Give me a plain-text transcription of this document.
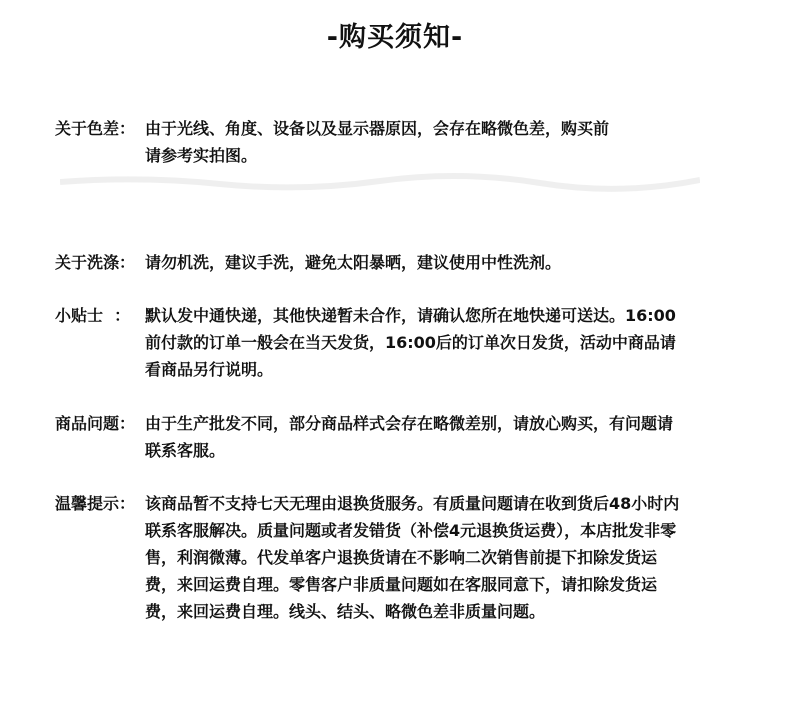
-购买须知-
关于色差： 由于光线、角度、设备以及显示器原因，会存在略微色差，购买前
请参考实拍图。
关于洗涤： 请勿机洗，建议手洗，避免太阳暴晒，建议使用中性洗剂。
小贴士  ： 默认发中通快递，其他快递暂未合作，请确认您所在地快递可送达。16:00
前付款的订单一般会在当天发货，16:00后的订单次日发货，活动中商品请
看商品另行说明。
商品问题： 由于生产批发不同，部分商品样式会存在略微差别，请放心购买，有问题请
联系客服。
温馨提示： 该商品暂不支持七天无理由退换货服务。有质量问题请在收到货后48小时内
联系客服解决。质量问题或者发错货（补偿4元退换货运费），本店批发非零
售，利润微薄。代发单客户退换货请在不影响二次销售前提下扣除发货运
费，来回运费自理。零售客户非质量问题如在客服同意下，请扣除发货运
费，来回运费自理。线头、结头、略微色差非质量问题。
